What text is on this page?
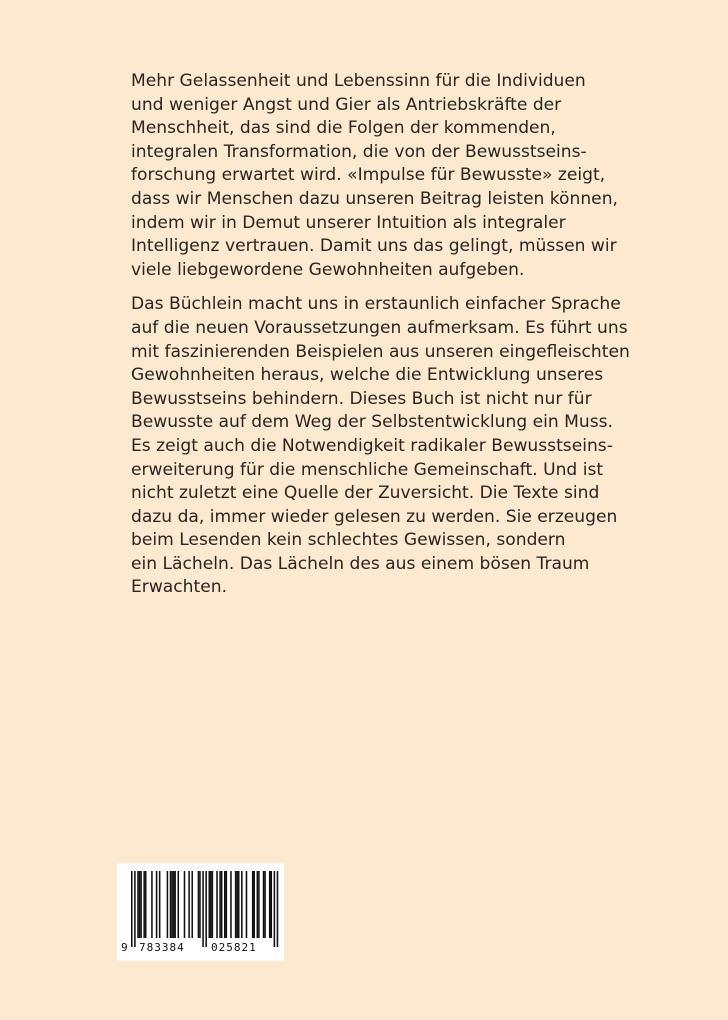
Mehr Gelassenheit und Lebenssinn für die Individuen
und weniger Angst und Gier als Antriebskräfte der
Menschheit, das sind die Folgen der kommenden,
integralen Transformation, die von der Bewusstseins-
forschung erwartet wird. «Impulse für Bewusste» zeigt,
dass wir Menschen dazu unseren Beitrag leisten können,
indem wir in Demut unserer Intuition als integraler
Intelligenz vertrauen. Damit uns das gelingt, müssen wir
viele liebgewordene Gewohnheiten aufgeben.

Das Büchlein macht uns in erstaunlich einfacher Sprache
auf die neuen Voraussetzungen aufmerksam. Es führt uns
mit faszinierenden Beispielen aus unseren eingefleischten
Gewohnheiten heraus, welche die Entwicklung unseres
Bewusstseins behindern. Dieses Buch ist nicht nur für
Bewusste auf dem Weg der Selbstentwicklung ein Muss.
Es zeigt auch die Notwendigkeit radikaler Bewusstseins-
erweiterung für die menschliche Gemeinschaft. Und ist
nicht zuletzt eine Quelle der Zuversicht. Die Texte sind
dazu da, immer wieder gelesen zu werden. Sie erzeugen
beim Lesenden kein schlechtes Gewissen, sondern
ein Lächeln. Das Lächeln des aus einem bösen Traum
Erwachten.

9 783384 025821
